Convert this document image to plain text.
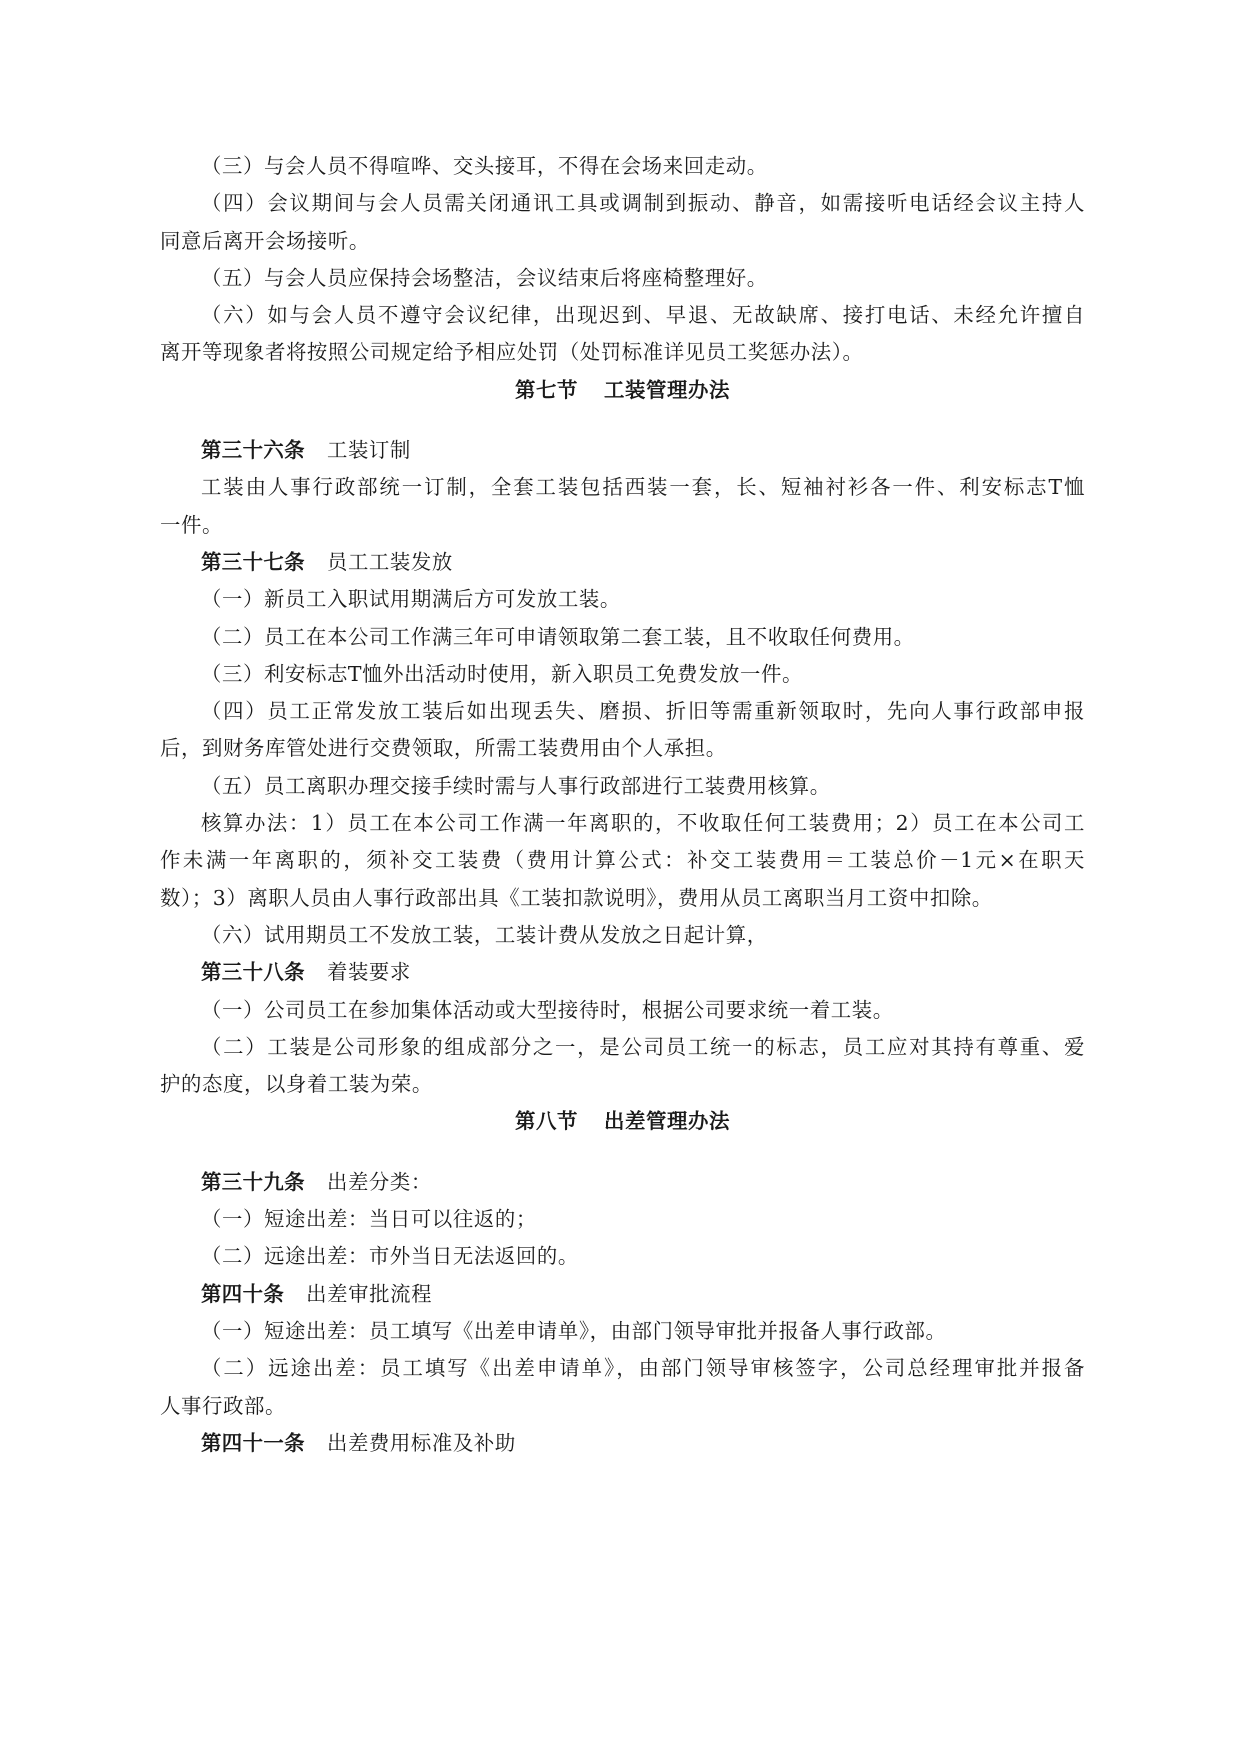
（三）与会人员不得喧哗、交头接耳，不得在会场来回走动。
（四）会议期间与会人员需关闭通讯工具或调制到振动、静音，如需接听电话经会议主持人
同意后离开会场接听。
（五）与会人员应保持会场整洁，会议结束后将座椅整理好。
（六）如与会人员不遵守会议纪律，出现迟到、早退、无故缺席、接打电话、未经允许擅自
离开等现象者将按照公司规定给予相应处罚（处罚标准详见员工奖惩办法）。
第七节 工装管理办法
第三十六条 工装订制
工装由人事行政部统一订制，全套工装包括西装一套，长、短袖衬衫各一件、利安标志T恤
一件。
第三十七条 员工工装发放
（一）新员工入职试用期满后方可发放工装。
（二）员工在本公司工作满三年可申请领取第二套工装，且不收取任何费用。
（三）利安标志T恤外出活动时使用，新入职员工免费发放一件。
（四）员工正常发放工装后如出现丢失、磨损、折旧等需重新领取时，先向人事行政部申报
后，到财务库管处进行交费领取，所需工装费用由个人承担。
（五）员工离职办理交接手续时需与人事行政部进行工装费用核算。
核算办法：1）员工在本公司工作满一年离职的，不收取任何工装费用；2）员工在本公司工
作未满一年离职的，须补交工装费（费用计算公式：补交工装费用＝工装总价－1元×在职天
数）；3）离职人员由人事行政部出具《工装扣款说明》，费用从员工离职当月工资中扣除。
（六）试用期员工不发放工装，工装计费从发放之日起计算，
第三十八条 着装要求
（一）公司员工在参加集体活动或大型接待时，根据公司要求统一着工装。
（二）工装是公司形象的组成部分之一，是公司员工统一的标志，员工应对其持有尊重、爱
护的态度，以身着工装为荣。
第八节 出差管理办法
第三十九条 出差分类：
（一）短途出差：当日可以往返的；
（二）远途出差：市外当日无法返回的。
第四十条 出差审批流程
（一）短途出差：员工填写《出差申请单》，由部门领导审批并报备人事行政部。
（二）远途出差：员工填写《出差申请单》，由部门领导审核签字，公司总经理审批并报备
人事行政部。
第四十一条 出差费用标准及补助
